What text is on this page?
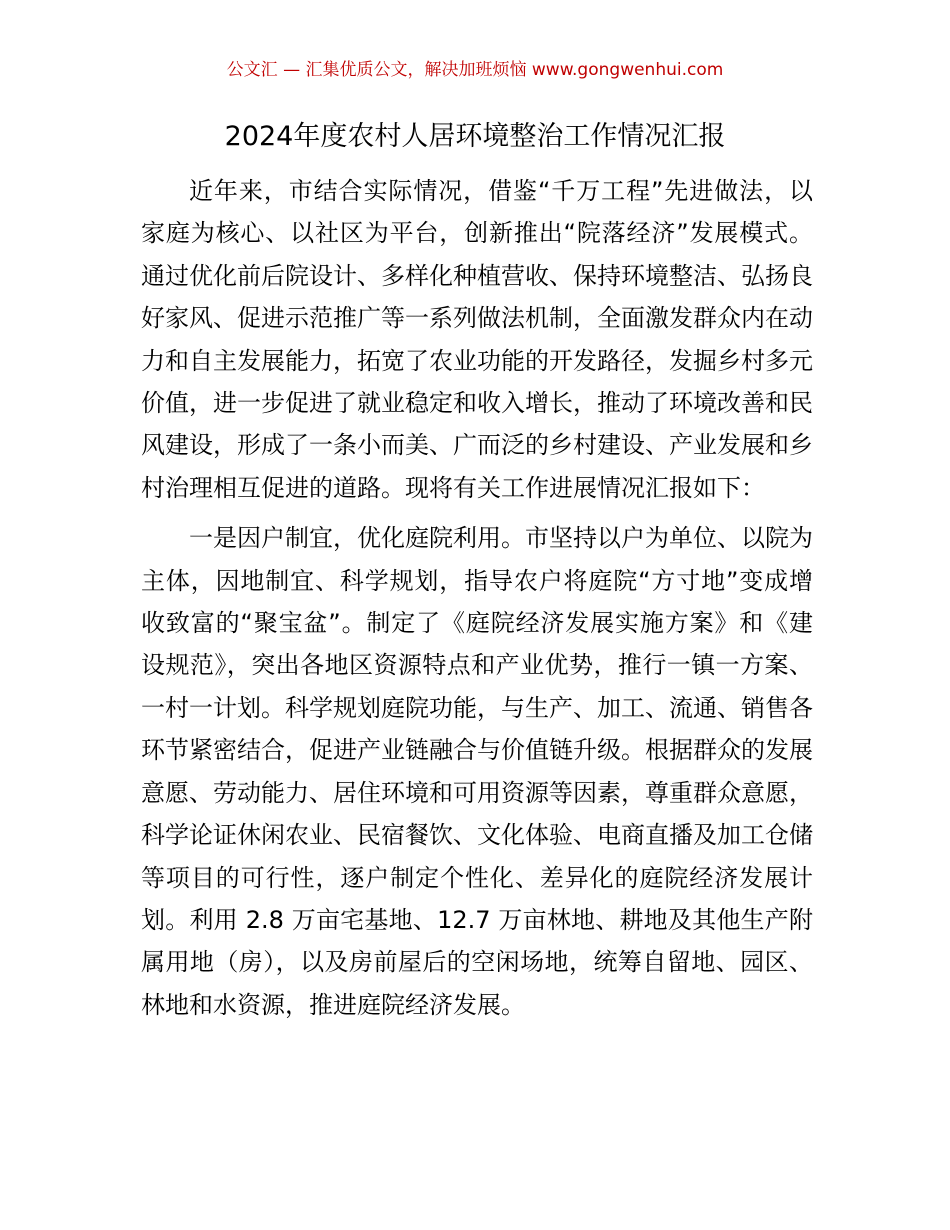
公文汇 — 汇集优质公文，解决加班烦恼 www.gongwenhui.com
2024年度农村人居环境整治工作情况汇报

近年来，市结合实际情况，借鉴“千万工程”先进做法，以家庭为核心、以社区为平台，创新推出“院落经济”发展模式。通过优化前后院设计、多样化种植营收、保持环境整洁、弘扬良好家风、促进示范推广等一系列做法机制，全面激发群众内在动力和自主发展能力，拓宽了农业功能的开发路径，发掘乡村多元价值，进一步促进了就业稳定和收入增长，推动了环境改善和民风建设，形成了一条小而美、广而泛的乡村建设、产业发展和乡村治理相互促进的道路。现将有关工作进展情况汇报如下：

一是因户制宜，优化庭院利用。市坚持以户为单位、以院为主体，因地制宜、科学规划，指导农户将庭院“方寸地”变成增收致富的“聚宝盆”。制定了《庭院经济发展实施方案》和《建设规范》，突出各地区资源特点和产业优势，推行一镇一方案、一村一计划。科学规划庭院功能，与生产、加工、流通、销售各环节紧密结合，促进产业链融合与价值链升级。根据群众的发展意愿、劳动能力、居住环境和可用资源等因素，尊重群众意愿，科学论证休闲农业、民宿餐饮、文化体验、电商直播及加工仓储等项目的可行性，逐户制定个性化、差异化的庭院经济发展计划。利用 2.8 万亩宅基地、12.7 万亩林地、耕地及其他生产附属用地（房），以及房前屋后的空闲场地，统筹自留地、园区、林地和水资源，推进庭院经济发展。
